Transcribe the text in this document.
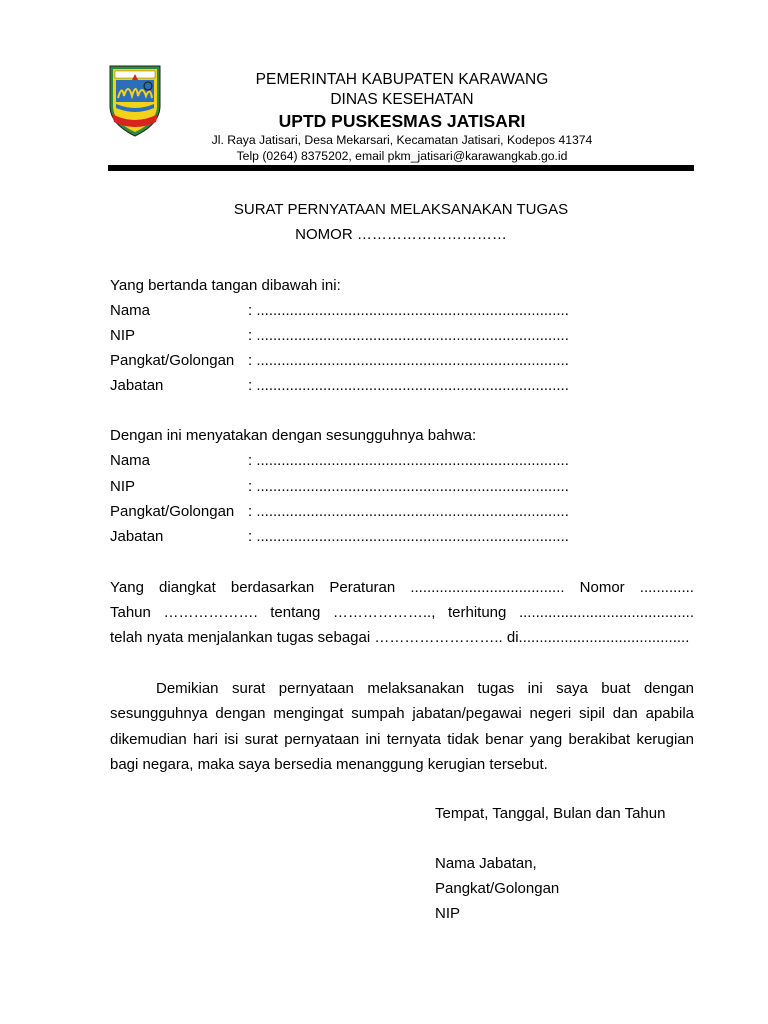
PEMERINTAH KABUPATEN KARAWANG
DINAS KESEHATAN
UPTD PUSKESMAS JATISARI
Jl. Raya Jatisari, Desa Mekarsari, Kecamatan Jatisari, Kodepos 41374
Telp (0264) 8375202, email pkm_jatisari@karawangkab.go.id
SURAT PERNYATAAN MELAKSANAKAN TUGAS
NOMOR …………………………
Yang bertanda tangan dibawah ini:
Nama	: ...........................................................................
NIP	: ...........................................................................
Pangkat/Golongan : ...........................................................................
Jabatan	: ...........................................................................
Dengan ini menyatakan dengan sesungguhnya bahwa:
Nama	: ...........................................................................
NIP	: ...........................................................................
Pangkat/Golongan : ...........................................................................
Jabatan	: ...........................................................................
Yang diangkat berdasarkan Peraturan ..................................... Nomor .............
Tahun ………………. tentang ……………….., terhitung ..........................................
telah nyata menjalankan tugas sebagai …………………….. di.........................................
Demikian surat pernyataan melaksanakan tugas ini saya buat dengan sesungguhnya dengan mengingat sumpah jabatan/pegawai negeri sipil dan apabila dikemudian hari isi surat pernyataan ini ternyata tidak benar yang berakibat kerugian bagi negara, maka saya bersedia menanggung kerugian tersebut.
Tempat, Tanggal, Bulan dan Tahun
Nama Jabatan,
Pangkat/Golongan
NIP
